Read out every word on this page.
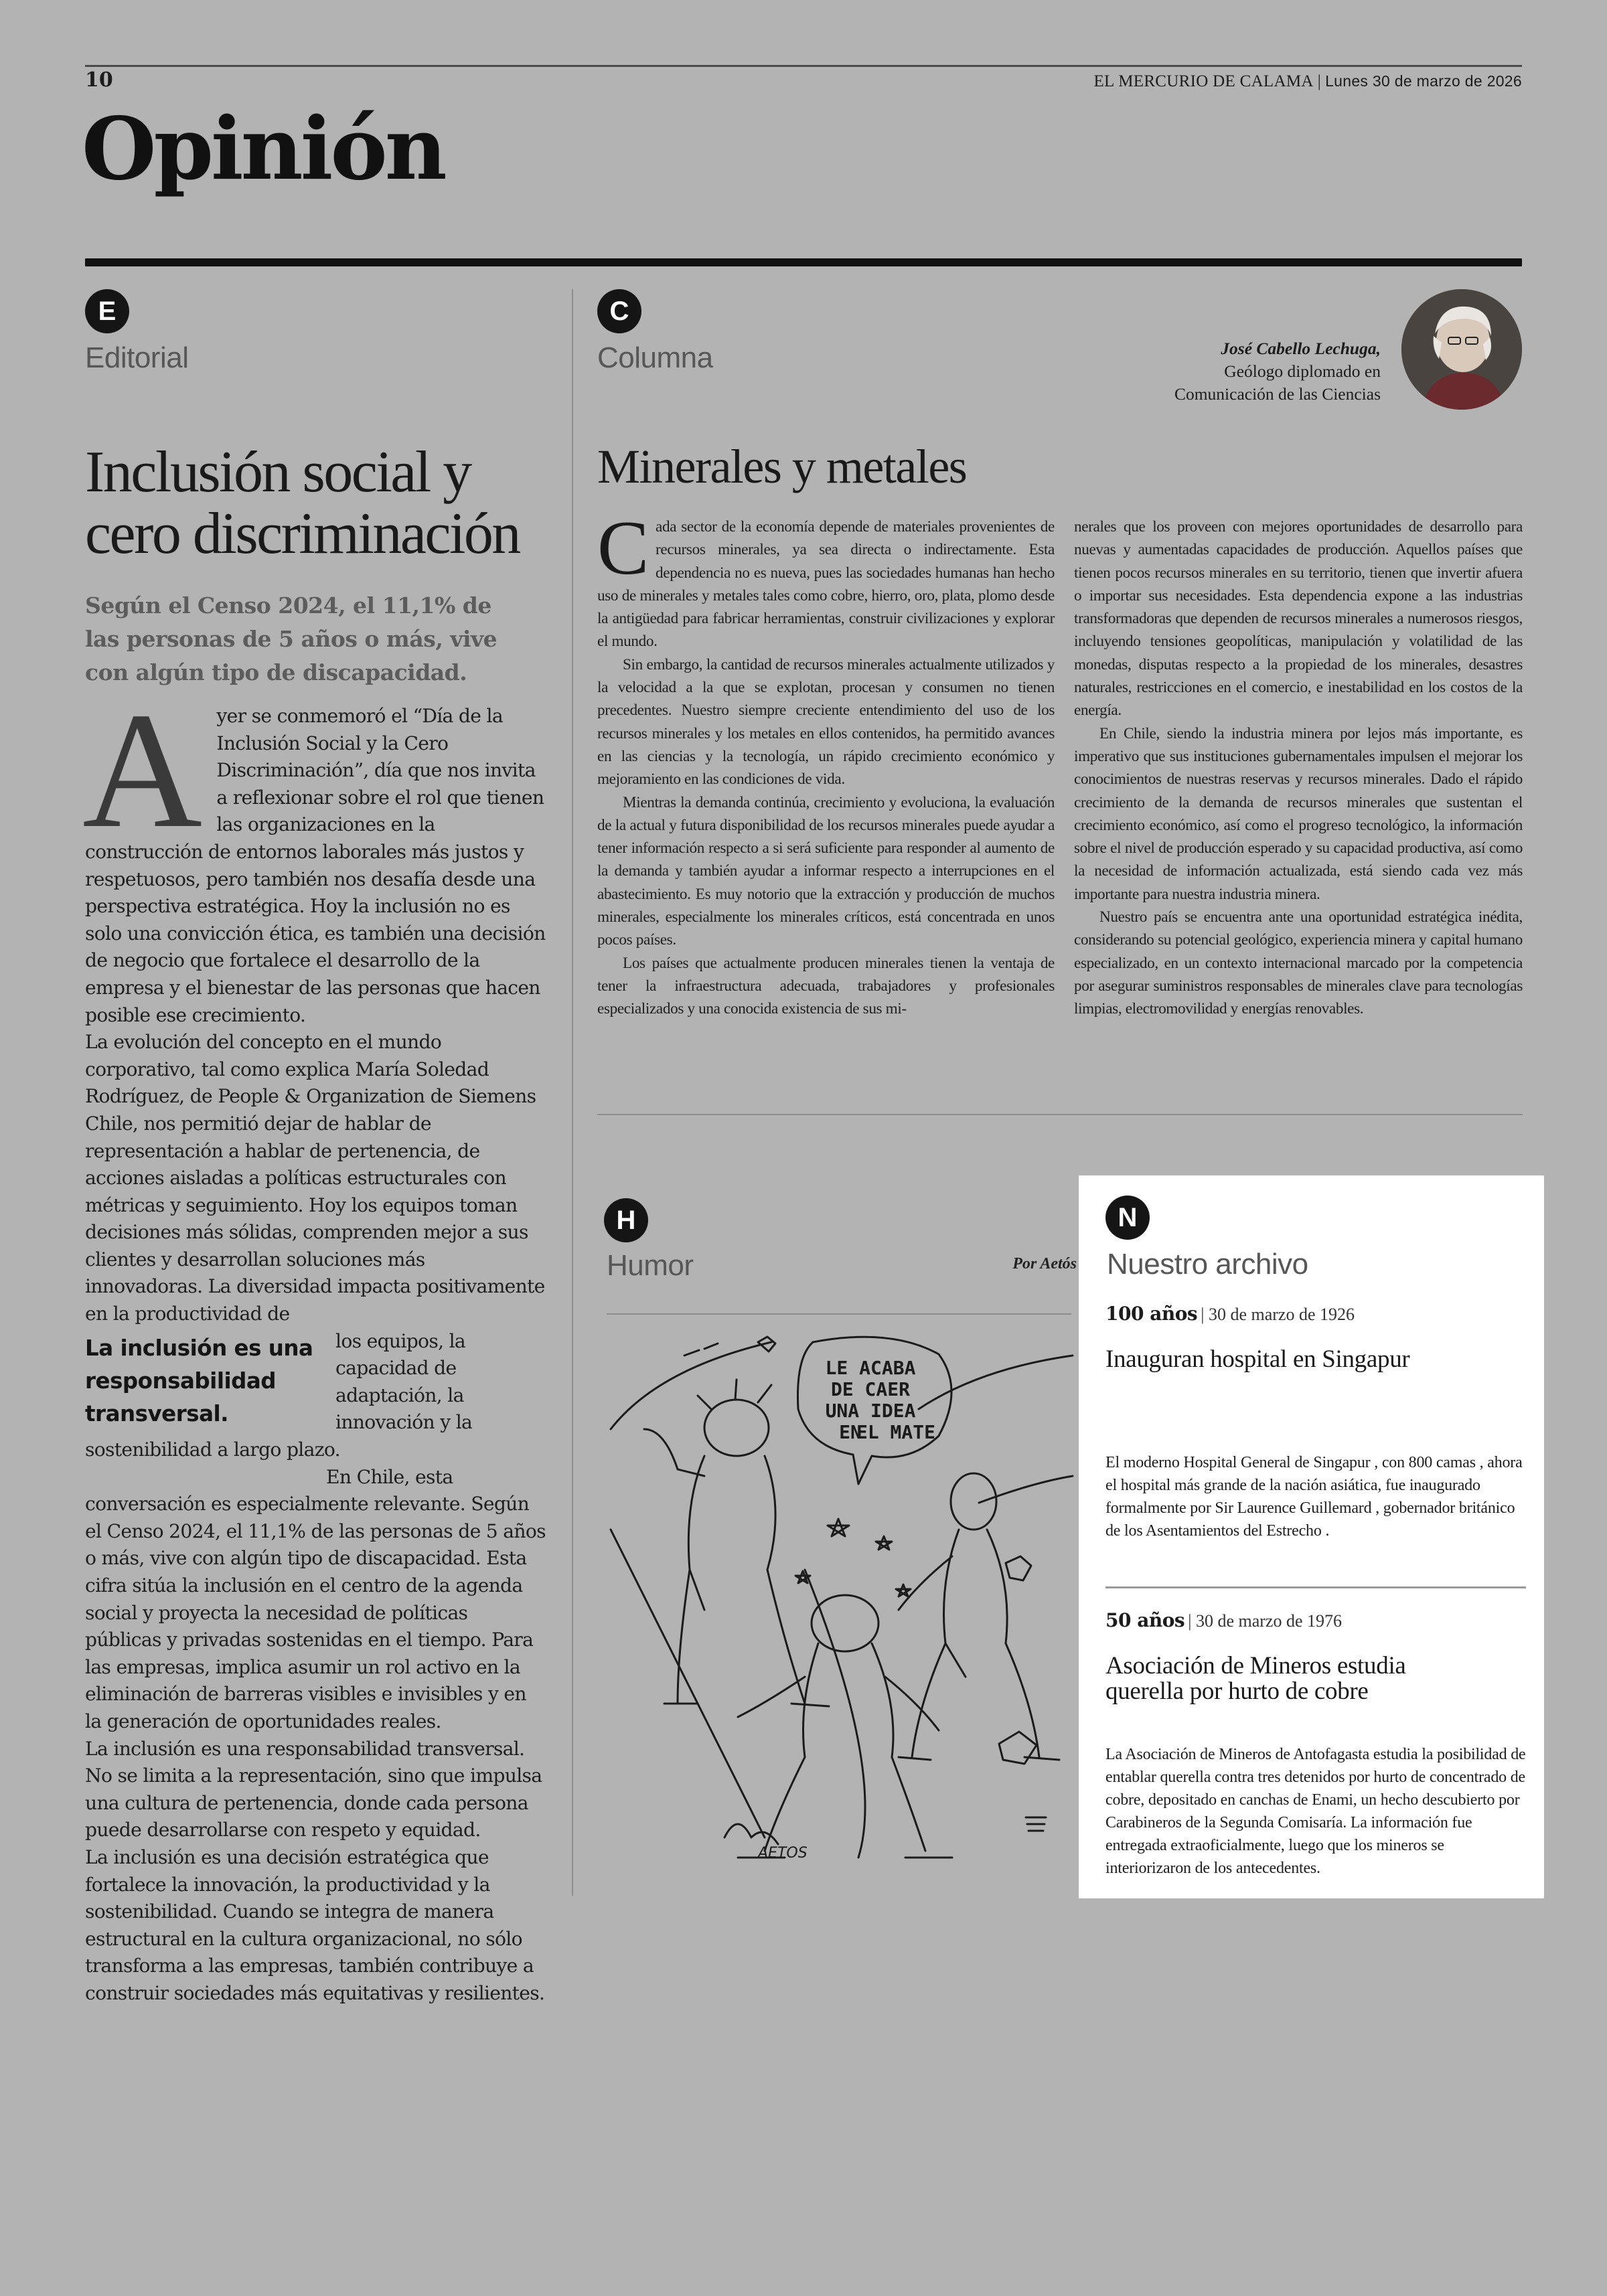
10	EL MERCURIO DE CALAMA | Lunes 30 de marzo de 2026
Opinión
E
Editorial
Inclusión social y
cero discriminación
Según el Censo 2024, el 11,1% de las personas de 5 años o más, vive con algún tipo de discapacidad.
A yer se conmemoró el “Día de la Inclusión Social y la Cero Discriminación”, día que nos invita a reflexionar sobre el rol que tienen las organizaciones en la construcción de entornos laborales más justos y respetuosos, pero también nos desafía desde una perspectiva estratégica. Hoy la inclusión no es solo una convicción ética, es también una decisión de negocio que fortalece el desarrollo de la empresa y el bienestar de las personas que hacen posible ese crecimiento.

La evolución del concepto en el mundo corporativo, tal como explica María Soledad Rodríguez, de People & Organization de Siemens Chile, nos permitió dejar de hablar de representación a hablar de pertenencia, de acciones aisladas a políticas estructurales con métricas y seguimiento. Hoy los equipos toman decisiones más sólidas, comprenden mejor a sus clientes y desarrollan soluciones más innovadoras. La diversidad impacta positivamente en la productividad de

La inclusión es una responsabilidad transversal.

los equipos, la capacidad de adaptación, la innovación y la sostenibilidad a largo plazo.

En Chile, esta conversación es especialmente relevante. Según el Censo 2024, el 11,1% de las personas de 5 años o más, vive con algún tipo de discapacidad. Esta cifra sitúa la inclusión en el centro de la agenda social y proyecta la necesidad de políticas públicas y privadas sostenidas en el tiempo. Para las empresas, implica asumir un rol activo en la eliminación de barreras visibles e invisibles y en la generación de oportunidades reales.

La inclusión es una responsabilidad transversal. No se limita a la representación, sino que impulsa una cultura de pertenencia, donde cada persona puede desarrollarse con respeto y equidad.

La inclusión es una decisión estratégica que fortalece la innovación, la productividad y la sostenibilidad. Cuando se integra de manera estructural en la cultura organizacional, no sólo transforma a las empresas, también contribuye a construir sociedades más equitativas y resilientes.

C
Columna	José Cabello Lechuga,
Geólogo diplomado en
Comunicación de las Ciencias
Minerales y metales

Cada sector de la economía depende de materiales provenientes de recursos minerales, ya sea directa o indirectamente. Esta dependencia no es nueva, pues las sociedades humanas han hecho uso de minerales y metales tales como cobre, hierro, oro, plata, plomo desde la antigüedad para fabricar herramientas, construir civilizaciones y explorar el mundo.

Sin embargo, la cantidad de recursos minerales actualmente utilizados y la velocidad a la que se explotan, procesan y consumen no tienen precedentes. Nuestro siempre creciente entendimiento del uso de los recursos minerales y los metales en ellos contenidos, ha permitido avances en las ciencias y la tecnología, un rápido crecimiento económico y mejoramiento en las condiciones de vida.

Mientras la demanda continúa, crecimiento y evoluciona, la evaluación de la actual y futura disponibilidad de los recursos minerales puede ayudar a tener información respecto a si será suficiente para responder al aumento de la demanda y también ayudar a informar respecto a interrupciones en el abastecimiento. Es muy notorio que la extracción y producción de muchos minerales, especialmente los minerales críticos, está concentrada en unos pocos países.

Los países que actualmente producen minerales tienen la ventaja de tener la infraestructura adecuada, trabajadores y profesionales especializados y una conocida existencia de sus mi-

nerales que los proveen con mejores oportunidades de desarrollo para nuevas y aumentadas capacidades de producción. Aquellos países que tienen pocos recursos minerales en su territorio, tienen que invertir afuera o importar sus necesidades. Esta dependencia expone a las industrias transformadoras que dependen de recursos minerales a numerosos riesgos, incluyendo tensiones geopolíticas, manipulación y volatilidad de las monedas, disputas respecto a la propiedad de los minerales, desastres naturales, restricciones en el comercio, e inestabilidad en los costos de la energía.

En Chile, siendo la industria minera por lejos más importante, es imperativo que sus instituciones gubernamentales impulsen el mejorar los conocimientos de nuestras reservas y recursos minerales. Dado el rápido crecimiento de la demanda de recursos minerales que sustentan el crecimiento económico, así como el progreso tecnológico, la información sobre el nivel de producción esperado y su capacidad productiva, así como la necesidad de información actualizada, está siendo cada vez más importante para nuestra industria minera.

Nuestro país se encuentra ante una oportunidad estratégica inédita, considerando su potencial geológico, experiencia minera y capital humano especializado, en un contexto internacional marcado por la competencia por asegurar suministros responsables de minerales clave para tecnologías limpias, electromovilidad y energías renovables.

H
Humor	Por Aetós
LE ACABA
DE CAER
UNA IDEA
EN
EL MATE
AETOS
N
Nuestro archivo
100 años | 30 de marzo de 1926
Inauguran hospital en Singapur
El moderno Hospital General de Singapur , con 800 camas , ahora el hospital más grande de la nación asiática, fue inaugurado formalmente por Sir Laurence Guillemard , gobernador británico de los Asentamientos del Estrecho .
50 años | 30 de marzo de 1976
Asociación de Mineros estudia
querella por hurto de cobre
La Asociación de Mineros de Antofagasta estudia la posibilidad de entablar querella contra tres detenidos por hurto de concentrado de cobre, depositado en canchas de Enami, un hecho descubierto por Carabineros de la Segunda Comisaría. La información fue entregada extraoficialmente, luego que los mineros se interiorizaron de los antecedentes.
